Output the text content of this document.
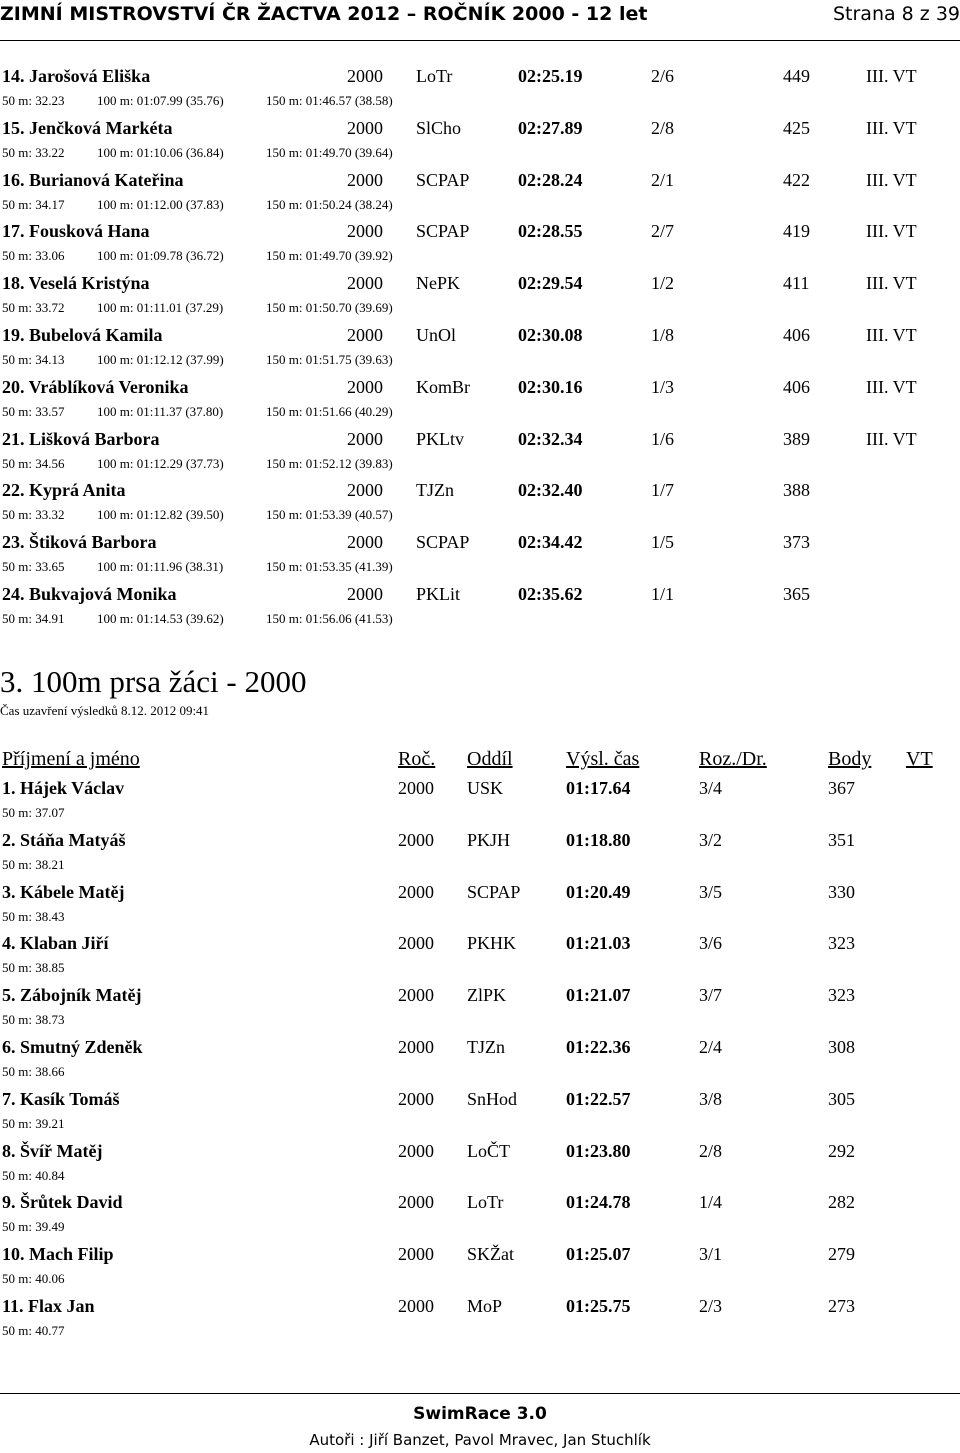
ZIMNÍ MISTROVSTVÍ ČR ŽACTVA 2012 – ROČNÍK 2000 - 12 let	Strana 8 z 39
14. Jarošová Eliška	2000 LoTr	02:25.19	2/6	449	III. VT
50 m: 32.23	100 m: 01:07.99 (35.76)	150 m: 01:46.57 (38.58)
15. Jenčková Markéta	2000 SlCho	02:27.89	2/8	425	III. VT
50 m: 33.22	100 m: 01:10.06 (36.84)	150 m: 01:49.70 (39.64)
16. Burianová Kateřina	2000 SCPAP	02:28.24	2/1	422	III. VT
50 m: 34.17	100 m: 01:12.00 (37.83)	150 m: 01:50.24 (38.24)
17. Fousková Hana	2000 SCPAP	02:28.55	2/7	419	III. VT
50 m: 33.06	100 m: 01:09.78 (36.72)	150 m: 01:49.70 (39.92)
18. Veselá Kristýna	2000 NePK	02:29.54	1/2	411	III. VT
50 m: 33.72	100 m: 01:11.01 (37.29)	150 m: 01:50.70 (39.69)
19. Bubelová Kamila	2000 UnOl	02:30.08	1/8	406	III. VT
50 m: 34.13	100 m: 01:12.12 (37.99)	150 m: 01:51.75 (39.63)
20. Vráblíková Veronika	2000 KomBr	02:30.16	1/3	406	III. VT
50 m: 33.57	100 m: 01:11.37 (37.80)	150 m: 01:51.66 (40.29)
21. Lišková Barbora	2000 PKLtv	02:32.34	1/6	389	III. VT
50 m: 34.56	100 m: 01:12.29 (37.73)	150 m: 01:52.12 (39.83)
22. Kyprá Anita	2000 TJZn	02:32.40	1/7	388
50 m: 33.32	100 m: 01:12.82 (39.50)	150 m: 01:53.39 (40.57)
23. Štiková Barbora	2000 SCPAP	02:34.42	1/5	373
50 m: 33.65	100 m: 01:11.96 (38.31)	150 m: 01:53.35 (41.39)
24. Bukvajová Monika	2000 PKLit	02:35.62	1/1	365
50 m: 34.91	100 m: 01:14.53 (39.62)	150 m: 01:56.06 (41.53)
3. 100m prsa žáci - 2000
Čas uzavření výsledků 8.12. 2012 09:41
Příjmení a jméno	Roč. Oddíl	Výsl. čas	Roz./Dr.	Body VT
1. Hájek Václav	2000 USK	01:17.64	3/4	367
50 m: 37.07
2. Stáňa Matyáš	2000 PKJH	01:18.80	3/2	351
50 m: 38.21
3. Kábele Matěj	2000 SCPAP	01:20.49	3/5	330
50 m: 38.43
4. Klaban Jiří	2000 PKHK	01:21.03	3/6	323
50 m: 38.85
5. Zábojník Matěj	2000 ZlPK	01:21.07	3/7	323
50 m: 38.73
6. Smutný Zdeněk	2000 TJZn	01:22.36	2/4	308
50 m: 38.66
7. Kasík Tomáš	2000 SnHod	01:22.57	3/8	305
50 m: 39.21
8. Švíř Matěj	2000 LoČT	01:23.80	2/8	292
50 m: 40.84
9. Šrůtek David	2000 LoTr	01:24.78	1/4	282
50 m: 39.49
10. Mach Filip	2000 SKŽat	01:25.07	3/1	279
50 m: 40.06
11. Flax Jan	2000 MoP	01:25.75	2/3	273
50 m: 40.77
SwimRace 3.0
Autoři : Jiří Banzet, Pavol Mravec, Jan Stuchlík
